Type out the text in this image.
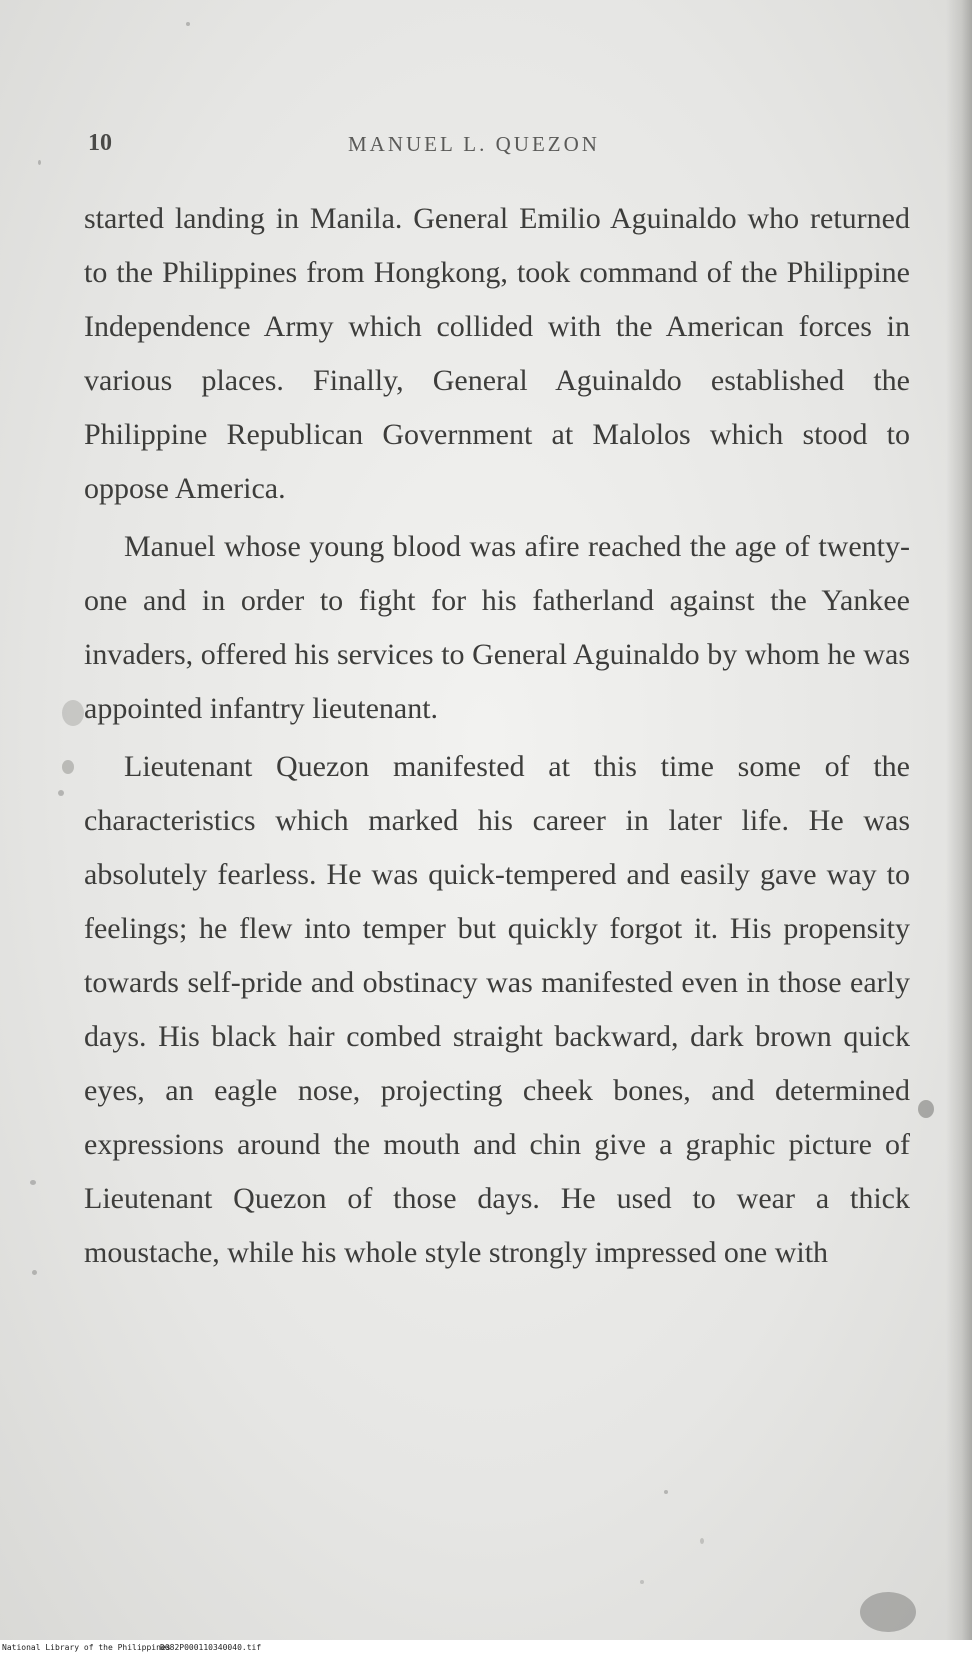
10	MANUEL L. QUEZON

started landing in Manila. General Emilio Aguinaldo who returned to the Philippines from Hongkong, took command of the Philippine Independence Army which collided with the American forces in various places. Finally, General Aguinaldo established the Philippine Republican Government at Malolos which stood to oppose America.

Manuel whose young blood was afire reached the age of twenty-one and in order to fight for his fatherland against the Yankee invaders, offered his services to General Aguinaldo by whom he was appointed infantry lieutenant.

Lieutenant Quezon manifested at this time some of the characteristics which marked his career in later life. He was absolutely fearless. He was quick-tempered and easily gave way to feelings; he flew into temper but quickly forgot it. His propensity towards self-pride and obstinacy was manifested even in those early days. His black hair combed straight backward, dark brown quick eyes, an eagle nose, projecting cheek bones, and determined expressions around the mouth and chin give a graphic picture of Lieutenant Quezon of those days. He used to wear a thick moustache, while his whole style strongly impressed one with

National Library of the Philippines
D082P000110340040.tif
